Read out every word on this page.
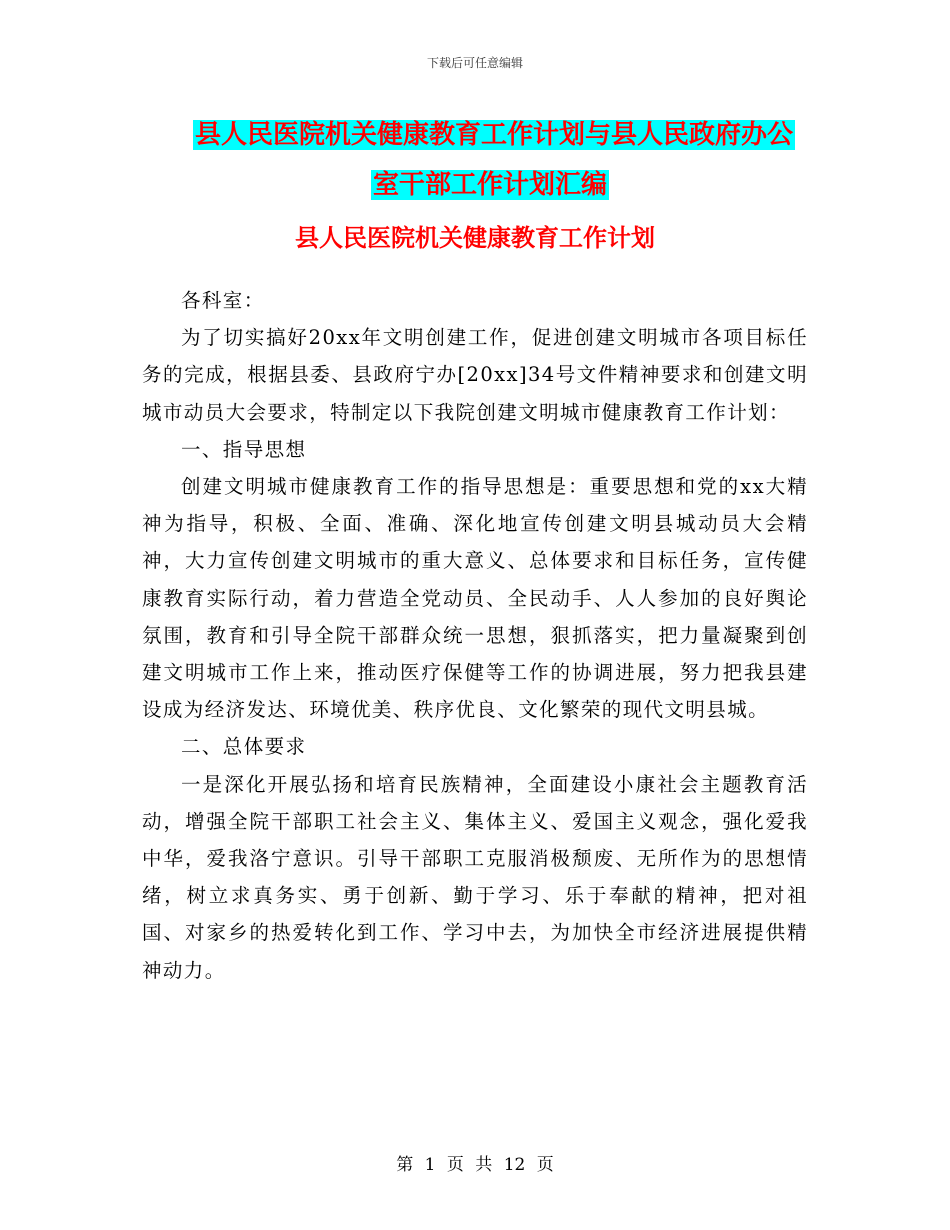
下载后可任意编辑
县人民医院机关健康教育工作计划与县人民政府办公
室干部工作计划汇编
县人民医院机关健康教育工作计划

各科室：

为了切实搞好20xx年文明创建工作，促进创建文明城市各项目标任务的完成，根据县委、县政府宁办[20xx]34号文件精神要求和创建文明城市动员大会要求，特制定以下我院创建文明城市健康教育工作计划：

一、指导思想

创建文明城市健康教育工作的指导思想是：重要思想和党的xx大精神为指导，积极、全面、准确、深化地宣传创建文明县城动员大会精神，大力宣传创建文明城市的重大意义、总体要求和目标任务，宣传健康教育实际行动，着力营造全党动员、全民动手、人人参加的良好舆论氛围，教育和引导全院干部群众统一思想，狠抓落实，把力量凝聚到创建文明城市工作上来，推动医疗保健等工作的协调进展，努力把我县建设成为经济发达、环境优美、秩序优良、文化繁荣的现代文明县城。

二、总体要求

一是深化开展弘扬和培育民族精神，全面建设小康社会主题教育活动，增强全院干部职工社会主义、集体主义、爱国主义观念，强化爱我中华，爱我洛宁意识。引导干部职工克服消极颓废、无所作为的思想情绪，树立求真务实、勇于创新、勤于学习、乐于奉献的精神，把对祖国、对家乡的热爱转化到工作、学习中去，为加快全市经济进展提供精神动力。

第 1 页 共 12 页
